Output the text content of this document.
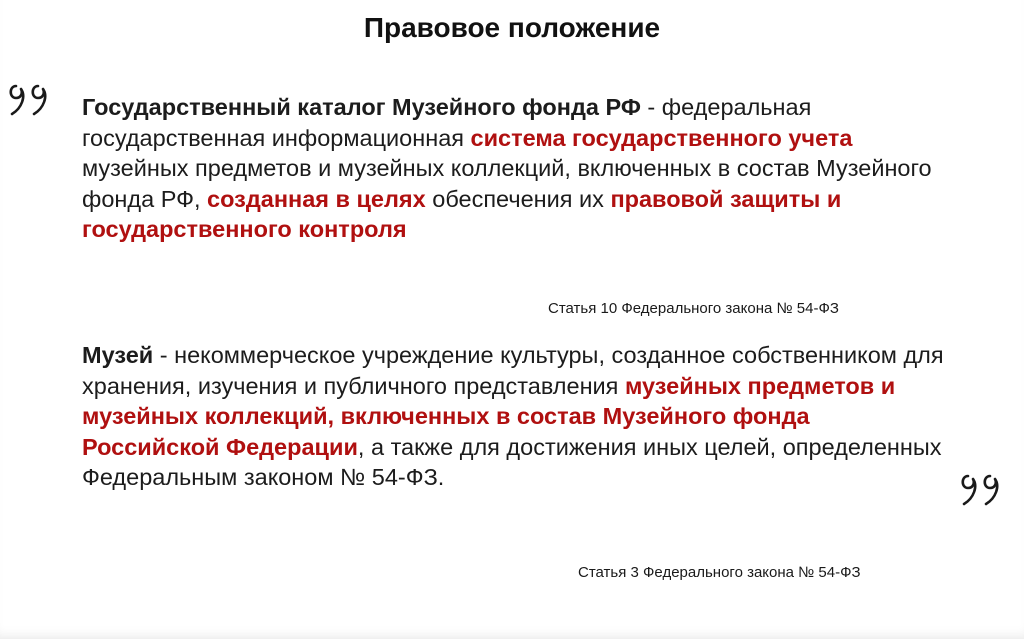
Правовое положение

Государственный каталог Музейного фонда РФ - федеральная государственная информационная система государственного учета музейных предметов и музейных коллекций, включенных в состав Музейного фонда РФ, созданная в целях обеспечения их правовой защиты и государственного контроля

Статья 10 Федерального закона № 54-ФЗ

Музей - некоммерческое учреждение культуры, созданное собственником для хранения, изучения и публичного представления музейных предметов и музейных коллекций, включенных в состав Музейного фонда Российской Федерации, а также для достижения иных целей, определенных Федеральным законом № 54-ФЗ.

Статья 3 Федерального закона № 54-ФЗ
